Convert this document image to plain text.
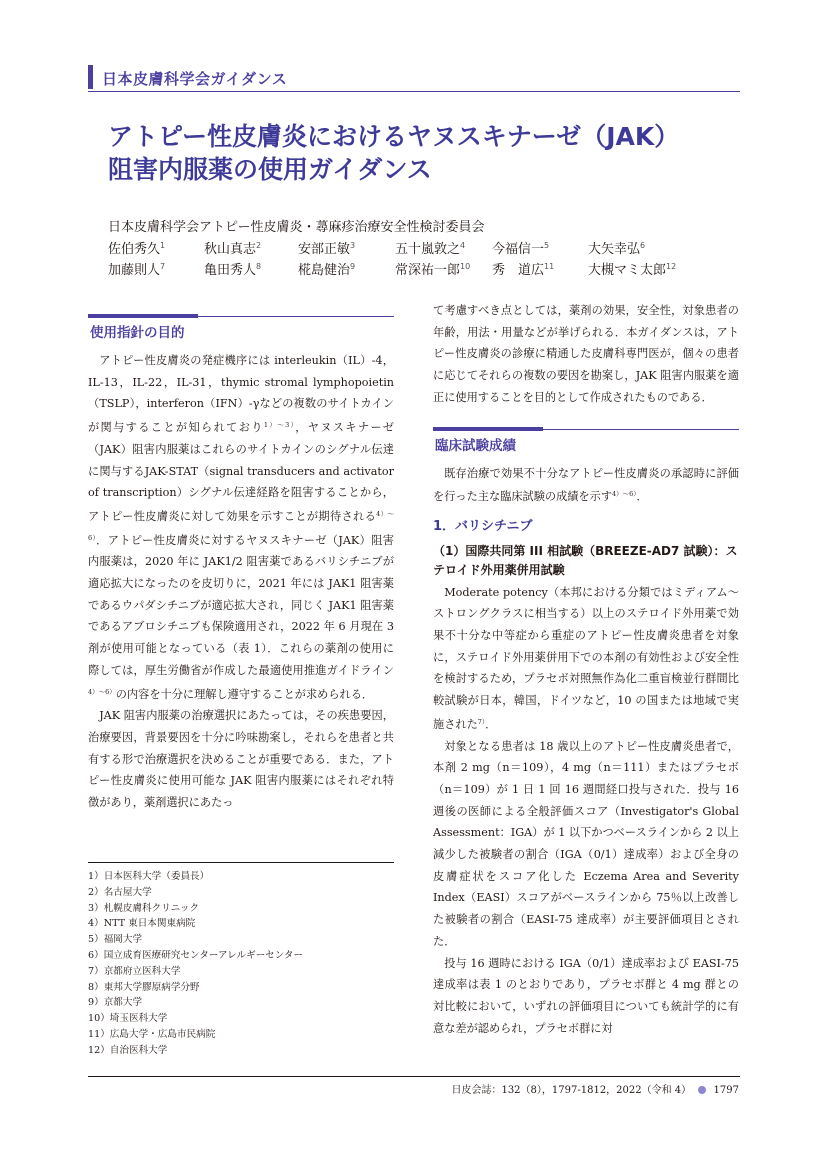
日本皮膚科学会ガイダンス
アトピー性皮膚炎におけるヤヌスキナーゼ（JAK）
阻害内服薬の使用ガイダンス
日本皮膚科学会アトピー性皮膚炎・蕁麻疹治療安全性検討委員会
佐伯秀久$^1$	秋山真志$^2$	安部正敏$^3$	五十嵐敦之$^4$ 今福信一$^5$	大矢幸弘$^6$
加藤則人$^7$	亀田秀人$^8$	椛島健治$^9$	常深祐一郎$^{10}$ 秀　道広$^{11}$	大槻マミ太郎$^{12}$
使用指針の目的

アトピー性皮膚炎の発症機序には interleukin（IL）-4，IL-13，IL-22，IL-31，thymic stromal lymphopoietin（TSLP），interferon（IFN）-γなどの複数のサイトカインが関与することが知られており$^{1)〜3)}$，ヤヌスキナーゼ（JAK）阻害内服薬はこれらのサイトカインのシグナル伝達に関与するJAK-STAT（signal transducers and activator of transcription）シグナル伝達経路を阻害することから，アトピー性皮膚炎に対して効果を示すことが期待される$^{4)〜6)}$．アトピー性皮膚炎に対するヤヌスキナーゼ（JAK）阻害内服薬は，2020 年に JAK1/2 阻害薬であるバリシチニブが適応拡大になったのを皮切りに，2021 年には JAK1 阻害薬であるウパダシチニブが適応拡大され，同じく JAK1 阻害薬であるアブロシチニブも保険適用され，2022 年 6 月現在 3 剤が使用可能となっている（表 1）．これらの薬剤の使用に際しては，厚生労働省が作成した最適使用推進ガイドライン$^{4)〜6)}$の内容を十分に理解し遵守することが求められる．

JAK 阻害内服薬の治療選択にあたっては，その疾患要因，治療要因，背景要因を十分に吟味勘案し，それらを患者と共有する形で治療選択を決めることが重要である．また，アトピー性皮膚炎に使用可能な JAK 阻害内服薬にはそれぞれ特徴があり，薬剤選択にあたっ

1）日本医科大学（委員長）
2）名古屋大学
3）札幌皮膚科クリニック
4）NTT 東日本関東病院
5）福岡大学
6）国立成育医療研究センターアレルギーセンター
7）京都府立医科大学
8）東邦大学膠原病学分野
9）京都大学
10）埼玉医科大学
11）広島大学・広島市民病院
12）自治医科大学

て考慮すべき点としては，薬剤の効果，安全性，対象患者の年齢，用法・用量などが挙げられる．本ガイダンスは，アトピー性皮膚炎の診療に精通した皮膚科専門医が，個々の患者に応じてそれらの複数の要因を勘案し，JAK 阻害内服薬を適正に使用することを目的として作成されたものである．

臨床試験成績

既存治療で効果不十分なアトピー性皮膚炎の承認時に評価を行った主な臨床試験の成績を示す$^{4)〜6)}$．

1．バリシチニブ
（1）国際共同第 III 相試験（BREEZE-AD7 試験）：ステロイド外用薬併用試験

Moderate potency（本邦における分類ではミディアム〜ストロングクラスに相当する）以上のステロイド外用薬で効果不十分な中等症から重症のアトピー性皮膚炎患者を対象に，ステロイド外用薬併用下での本剤の有効性および安全性を検討するため，プラセボ対照無作為化二重盲検並行群間比較試験が日本，韓国，ドイツなど，10 の国または地域で実施された$^{7)}$．

対象となる患者は 18 歳以上のアトピー性皮膚炎患者で，本剤 2 mg（n＝109），4 mg（n＝111）またはプラセボ（n＝109）が 1 日 1 回 16 週間経口投与された．投与 16 週後の医師による全般評価スコア（Investigator's Global Assessment：IGA）が 1 以下かつベースラインから 2 以上減少した被験者の割合（IGA（0/1）達成率）および全身の皮膚症状をスコア化した Eczema Area and Severity Index（EASI）スコアがベースラインから 75％以上改善した被験者の割合（EASI-75 達成率）が主要評価項目とされた．

投与 16 週時における IGA（0/1）達成率および EASI-75 達成率は表 1 のとおりであり，プラセボ群と 4 mg 群との対比較において，いずれの評価項目についても統計学的に有意な差が認められ，プラセボ群に対

日皮会誌：132（8），1797-1812，2022（令和 4） 1797
